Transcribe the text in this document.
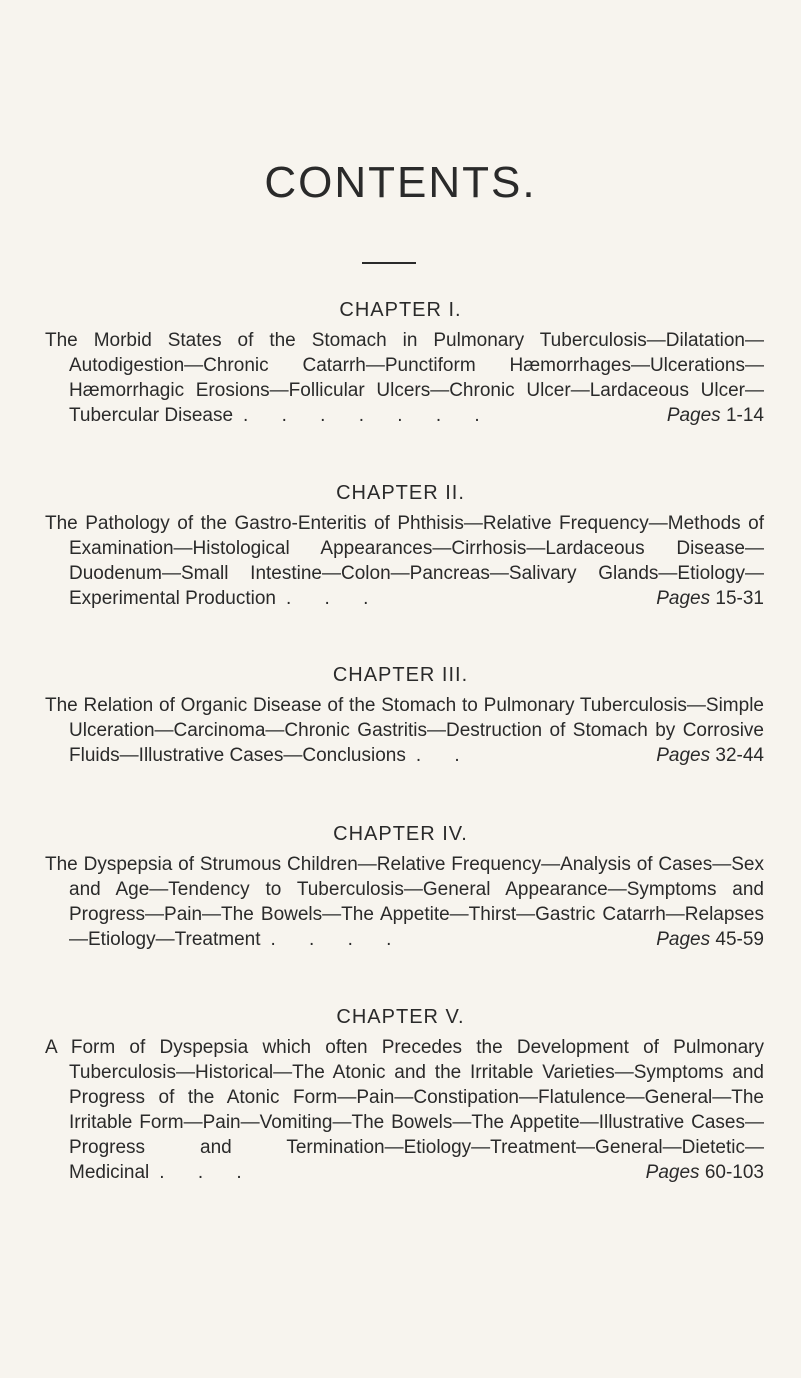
CONTENTS.
CHAPTER I.

The Morbid States of the Stomach in Pulmonary Tuberculosis—Dilatation—Autodigestion—Chronic Catarrh—Punctiform Hæmorrhages—Ulcerations—Hæmorrhagic Erosions—Follicular Ulcers—Chronic Ulcer—Lardaceous Ulcer—Tubercular Disease . . . . . . .	Pages 1-14

CHAPTER II.

The Pathology of the Gastro-Enteritis of Phthisis—Relative Frequency—Methods of Examination—Histological Appearances—Cirrhosis—Lardaceous Disease—Duodenum—Small Intestine—Colon—Pancreas—Salivary Glands—Etiology—Experimental Production . . .	Pages 15-31

CHAPTER III.

The Relation of Organic Disease of the Stomach to Pulmonary Tuberculosis—Simple Ulceration—Carcinoma—Chronic Gastritis—Destruction of Stomach by Corrosive Fluids—Illustrative Cases—Conclusions . .	Pages 32-44

CHAPTER IV.

The Dyspepsia of Strumous Children—Relative Frequency—Analysis of Cases—Sex and Age—Tendency to Tuberculosis—General Appearance—Symptoms and Progress—Pain—The Bowels—The Appetite—Thirst—Gastric Catarrh—Relapses—Etiology—Treatment . . . .	Pages 45-59

CHAPTER V.

A Form of Dyspepsia which often Precedes the Development of Pulmonary Tuberculosis—Historical—The Atonic and the Irritable Varieties—Symptoms and Progress of the Atonic Form—Pain—Constipation—Flatulence—General—The Irritable Form—Pain—Vomiting—The Bowels—The Appetite—Illustrative Cases—Progress and Termination—Etiology—Treatment—General—Dietetic—Medicinal . . .	Pages 60-103
